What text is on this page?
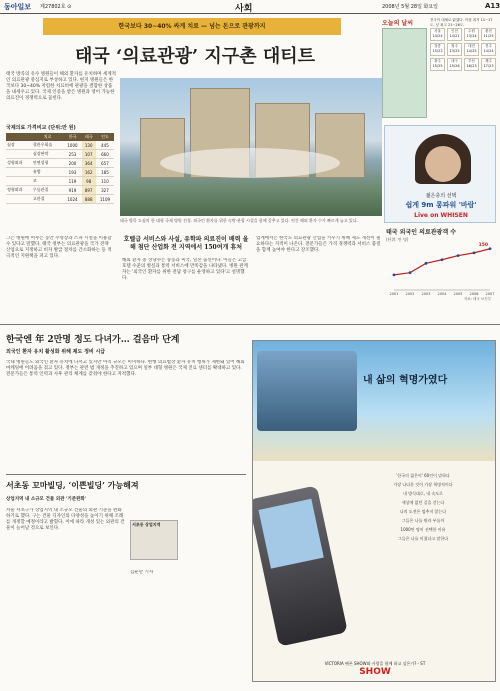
동아일보 제27802호 ⊙	사회	2008년 5월 28일 화요일	A13
한국보다 30~40% 싸게 치료 — 넘는 돈으로 관광까지
태국 ‘의료관광’ 지구촌 대티트
태국 방콕의 유수 병원들이 해외 환자를 유치하며 세계적인 의료관광 중심지로 부상하고 있다. 현지 병원들은 한국보다 30~40% 저렴한 치료비에 관광을 결합한 상품을 내세우고 있다. 국제 인증을 받은 병원과 영어 가능한 의료진이 경쟁력으로 꼽힌다.
국제의료 가격비교 (단위:만 원)
	치료	한국	태국	인도
심장	혈관우회술	1000	130	445
	심장판막	253	107	660
성형외과	안면성형	200	364	657
	유방	193	162	185
	코	119	98	110
정형외과	무릎관절	919	897	327
	고관절	1024	888	1109
태국 방콕 도심의 한 대형 국제 병원 전경. 외국인 환자를 위한 숙박·관광 시설을 함께 갖추고 있다. 연간 해외 환자 수가 빠르게 늘고 있다.
그는 병원에 머무는 동안 수영장과 스파 시설을 이용할 수 있다고 말했다. 태국 정부는 의료관광을 국가 전략 산업으로 지정하고 비자 발급 절차를 간소화하는 등 적극적인 지원책을 펴고 있다.
호텔급 서비스와 사설, 유학파 의료진이 배력 올 해 첨단 산업화 전 지역에서 150여개 휴처
해외 환자 중 상당수는 중동과 미국, 일본 출신이다. 이들은 고급 호텔 수준의 병실과 통역 서비스에 만족감을 나타냈다. 병원 관계자는 '외국인 환자를 위한 전담 창구를 운영하고 있다'고 설명했다.
업계에서는 한국도 의료관광 산업을 키우기 위해 제도 개선이 필요하다는 지적이 나온다. 전문가들은 가격 경쟁력과 서비스 품질을 함께 높여야 한다고 강조했다.
태국 외국인 의료관광객 수
(단위: 만 명)
자료: 태국 보건부
2001 2002 2003 2004 2005 2006 2007
150
오늘의 날씨
서울
14/24
인천
14/21
수원
13/24
춘천
11/25
강릉
15/23
청주
13/25
대전
14/25
전주
14/24
광주
15/25
대구
15/26
부산
16/23
제주
17/23
전국이 대체로 맑겠다. 아침 최저 11~17도, 낮 최고 21~26도.
젊은층의 선택
쉽게 9m 롱파워 '바람'
Live on WHISEN
한국엔 年 2만명 정도 다녀가… 걸음마 단계
외국인 환자 유치 활성화 위해 제도 정비 시급
국내 병원들도 외국인 환자 유치에 나서고 있지만 아직 규모는 미미하다. 현행 의료법상 환자 유치 행위가 제한돼 있어 해외 마케팅에 어려움을 겪고 있다. 정부는 관련 법 개정을 추진하고 있으며 일부 대형 병원은 국제 진료 센터를 확대하고 있다. 전문가들은 통역 인력과 사후 관리 체계를 갖춰야 한다고 지적했다.
서초동 꼬마빌딩, ‘이쁜빌딩’ 가능해져
상업지역 내 소규모 건물 외관 '기준완화'
서울 서초구가 상업지역 내 소규모 건물의 외관 기준을 완화하기로 했다. 구는 건물 디자인의 다양성을 높이기 위해 조례를 개정할 예정이라고 밝혔다. 이에 따라 개성 있는 외관의 건물이 늘어날 것으로 보인다.
서초동 상업지역
김순만 기자
내 삶의 혁명가였다
'한국의 젊은이' 60인이 말하다
가장 나다운 것이 가장 혁명적이다
내 방식대로, 내 속도로
세상에 없던 길을 걷는다
나의 도전은 멈추지 않는다
그들은 나를 뭐라 부를까
1000만 명이 선택한 이유
그들은 나를 미쳤다고 말한다
VICTORIA 팬폰 SHOW와 사랑을 함께 하고 싶은가? - ST
SHOW
